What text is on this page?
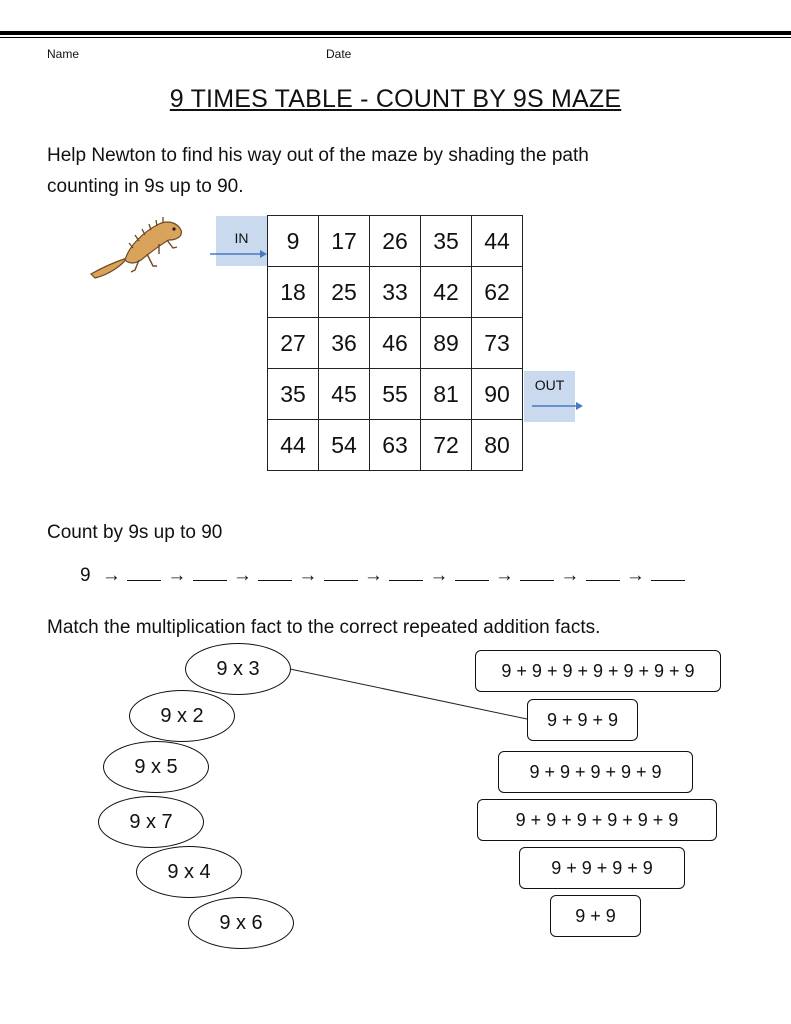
Name	Date
9 TIMES TABLE - COUNT BY 9S MAZE
Help Newton to find his way out of the maze by shading the path
counting in 9s up to 90.
IN	9	17	26	35	44
18	25	33	42	62
27	36	46	89	73
35	45	55	81	90
44	54	63	72	80
OUT
Count by 9s up to 90
9 → → → → → → → → →
Match the multiplication fact to the correct repeated addition facts.
9 x 3
9 x 2
9 x 5
9 x 7
9 x 4
9 x 6
9 + 9 + 9 + 9 + 9 + 9 + 9
9 + 9 + 9
9 + 9 + 9 + 9 + 9
9 + 9 + 9 + 9 + 9 + 9
9 + 9 + 9 + 9
9 + 9
